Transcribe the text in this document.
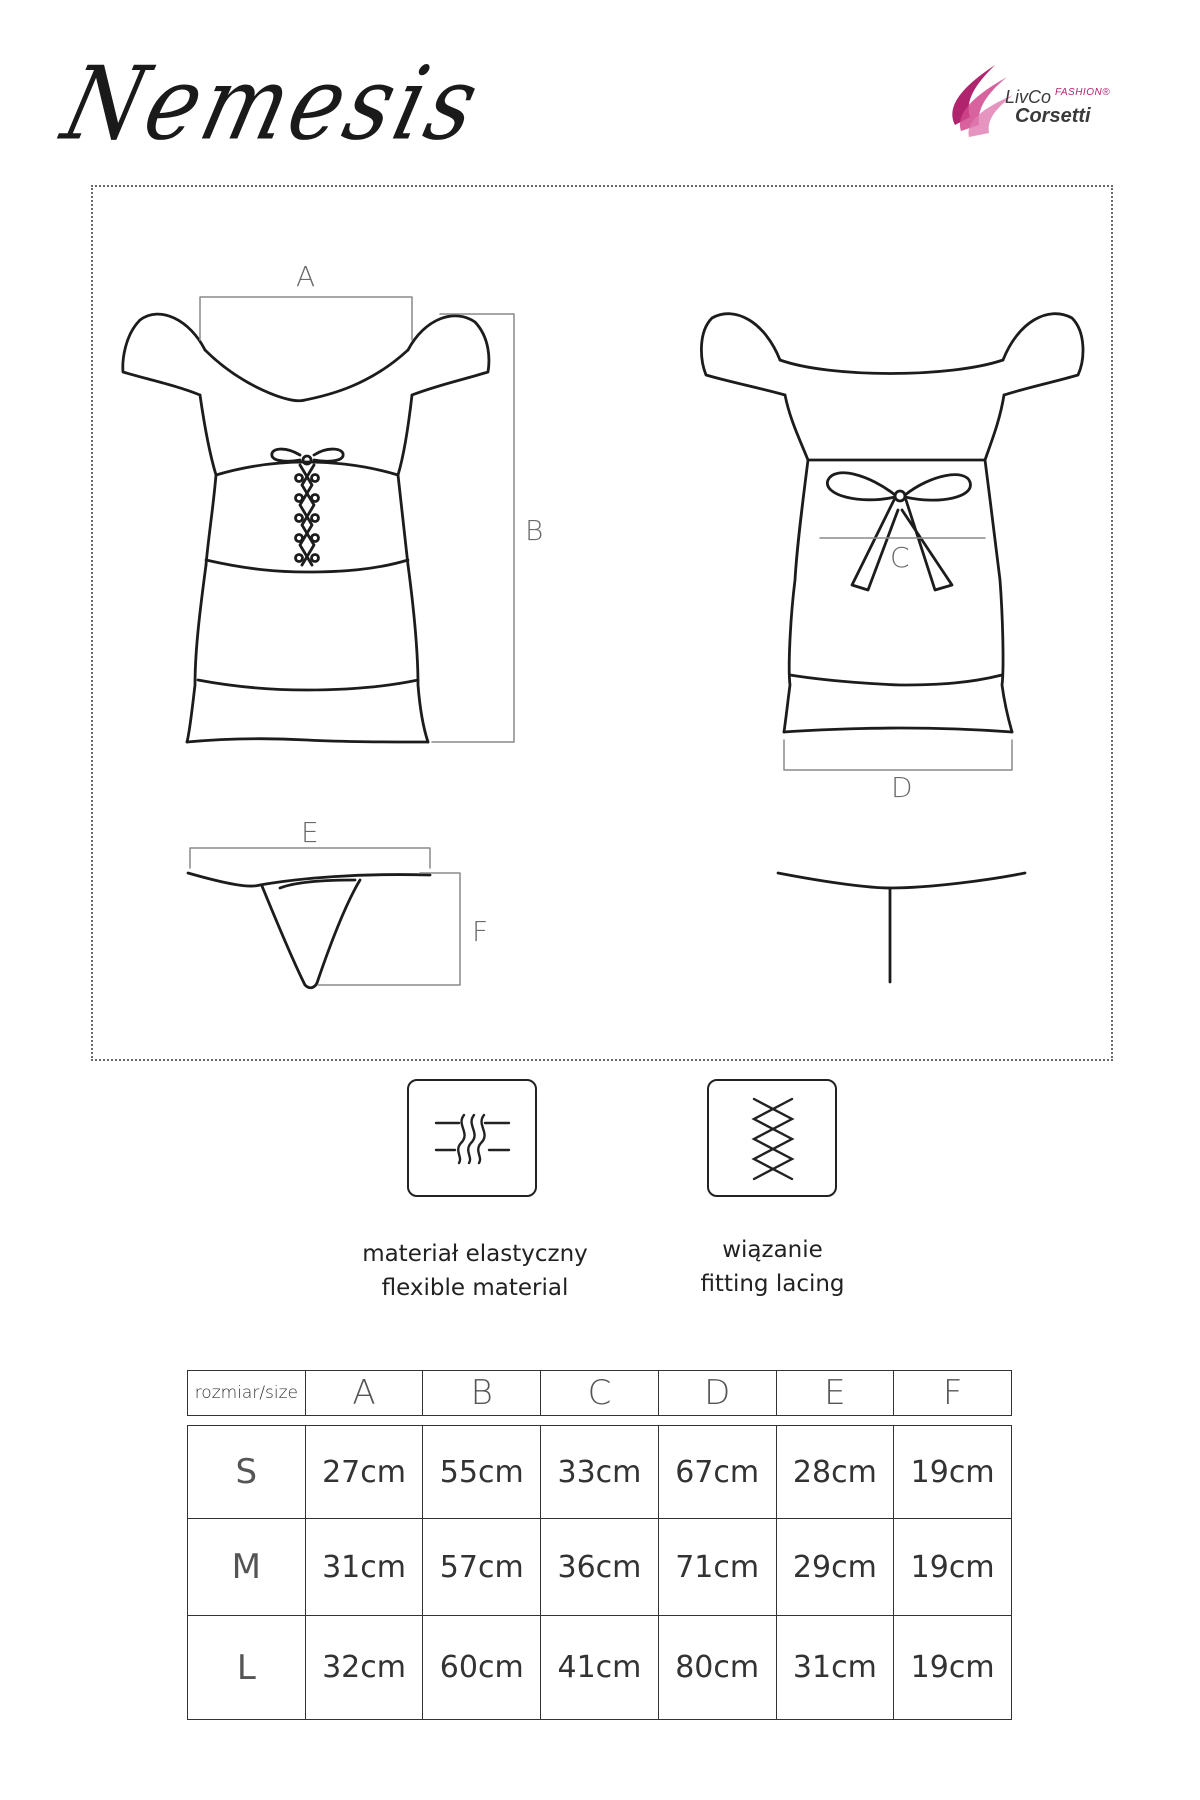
Nemesis	LivCo FASHION®
Corsetti
A
B
C
D
E
F
materiał elastyczny
flexible material
wiązanie
fitting lacing
rozmiar/size	A	B	C	D	E	F
S	27cm	55cm	33cm	67cm	28cm	19cm
M	31cm	57cm	36cm	71cm	29cm	19cm
L	32cm	60cm	41cm	80cm	31cm	19cm
